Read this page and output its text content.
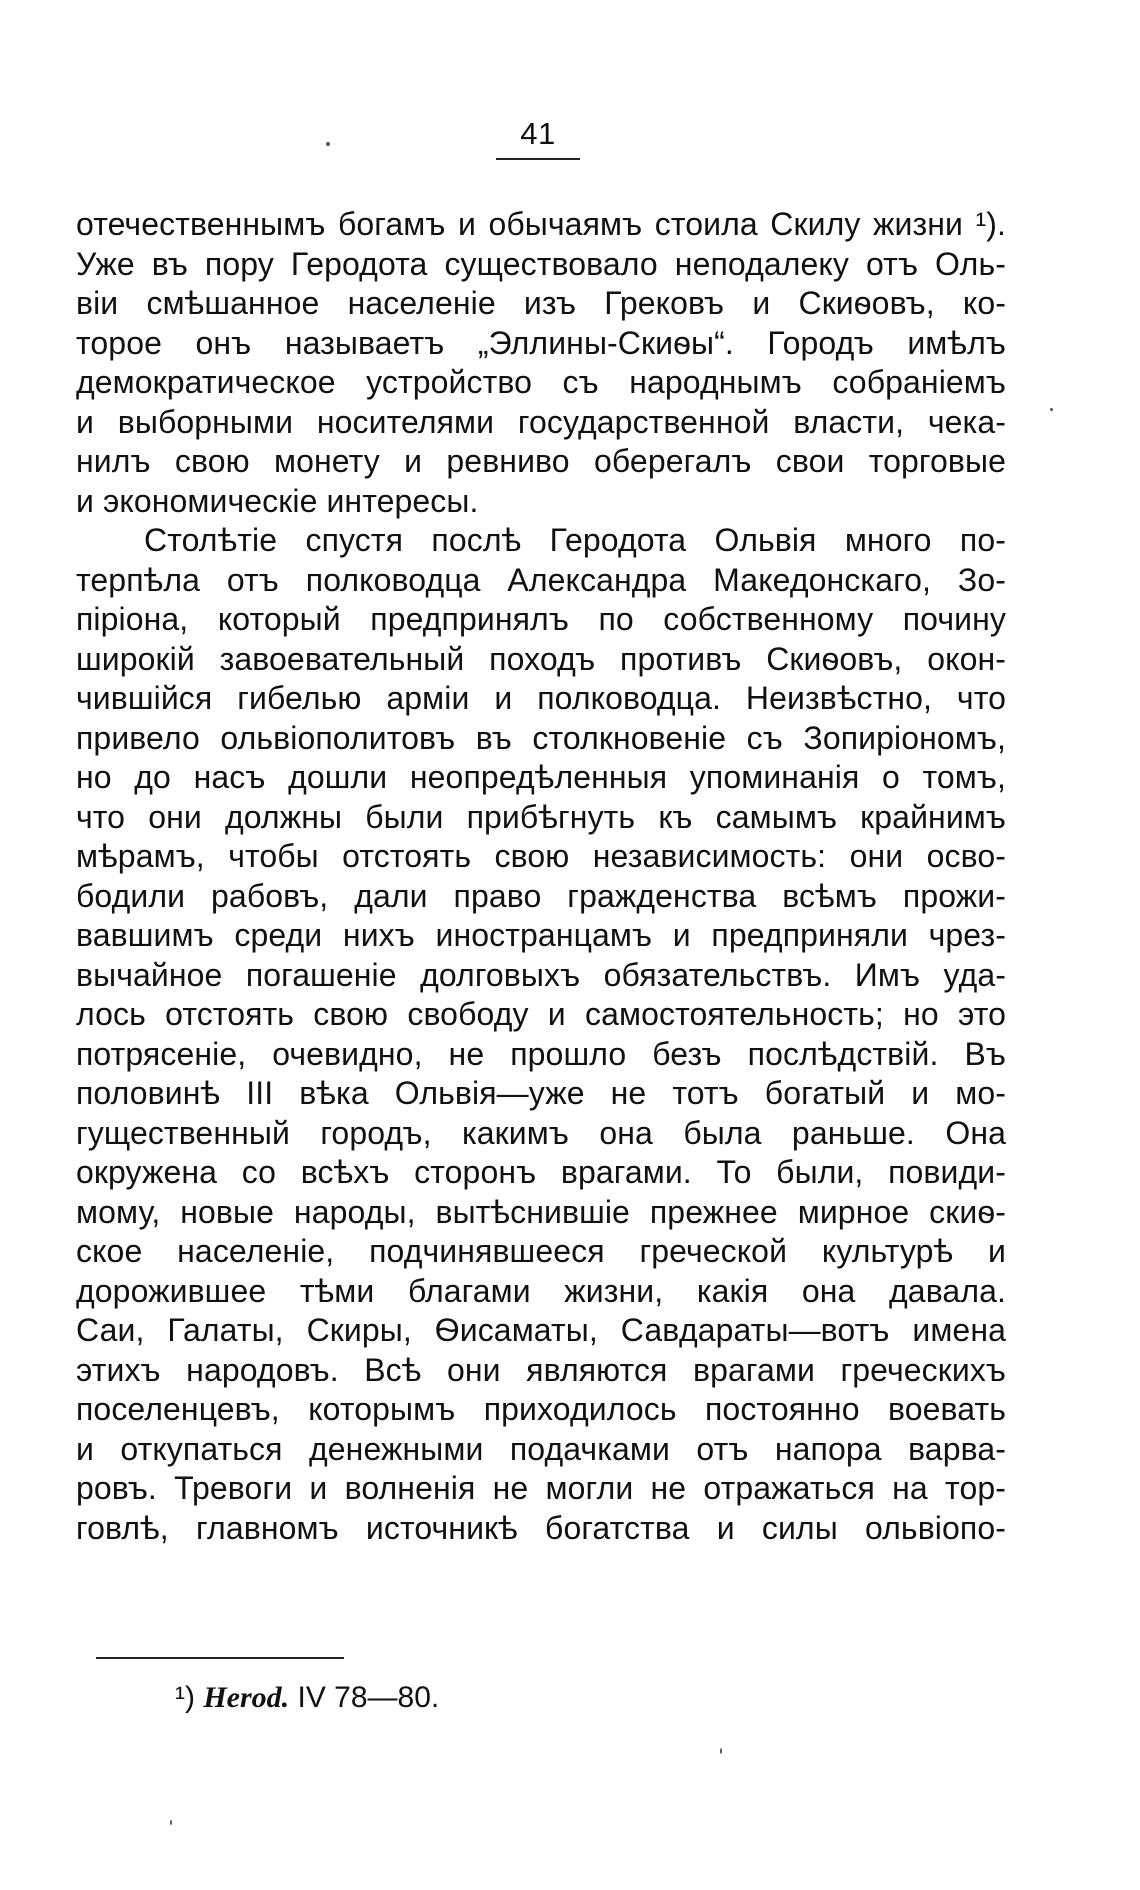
41
отечественнымъ богамъ и обычаямъ стоила Скилу жизни ¹).
Уже въ пору Геродота существовало неподалеку отъ Оль-
віи смѣшанное населеніе изъ Грековъ и Скиѳовъ, ко-
торое онъ называетъ „Эллины-Скиѳы“. Городъ имѣлъ
демократическое устройство съ народнымъ собраніемъ
и выборными носителями государственной власти, чека-
нилъ свою монету и ревниво оберегалъ свои торговые
и экономическіе интересы.
Столѣтіе спустя послѣ Геродота Ольвія много по-
терпѣла отъ полководца Александра Македонскаго, Зо-
піріона, который предпринялъ по собственному почину
широкій завоевательный походъ противъ Скиѳовъ, окон-
чившійся гибелью арміи и полководца. Неизвѣстно, что
привело ольвіополитовъ въ столкновеніе съ Зопиріономъ,
но до насъ дошли неопредѣленныя упоминанія о томъ,
что они должны были прибѣгнуть къ самымъ крайнимъ
мѣрамъ, чтобы отстоять свою независимость: они осво-
бодили рабовъ, дали право гражденства всѣмъ прожи-
вавшимъ среди нихъ иностранцамъ и предприняли чрез-
вычайное погашеніе долговыхъ обязательствъ. Имъ уда-
лось отстоять свою свободу и самостоятельность; но это
потрясеніе, очевидно, не прошло безъ послѣдствій. Въ
половинѣ III вѣка Ольвія—уже не тотъ богатый и мо-
гущественный городъ, какимъ она была раньше. Она
окружена со всѣхъ сторонъ врагами. То были, повиди-
мому, новые народы, вытѣснившіе прежнее мирное скиѳ-
ское населеніе, подчинявшееся греческой культурѣ и
дорожившее тѣми благами жизни, какія она давала.
Саи, Галаты, Скиры, Ѳисаматы, Савдараты—вотъ имена
этихъ народовъ. Всѣ они являются врагами греческихъ
поселенцевъ, которымъ приходилось постоянно воевать
и откупаться денежными подачками отъ напора варва-
ровъ. Тревоги и волненія не могли не отражаться на тор-
говлѣ, главномъ источникѣ богатства и силы ольвіопо-
¹) Herod. IV 78—80.
